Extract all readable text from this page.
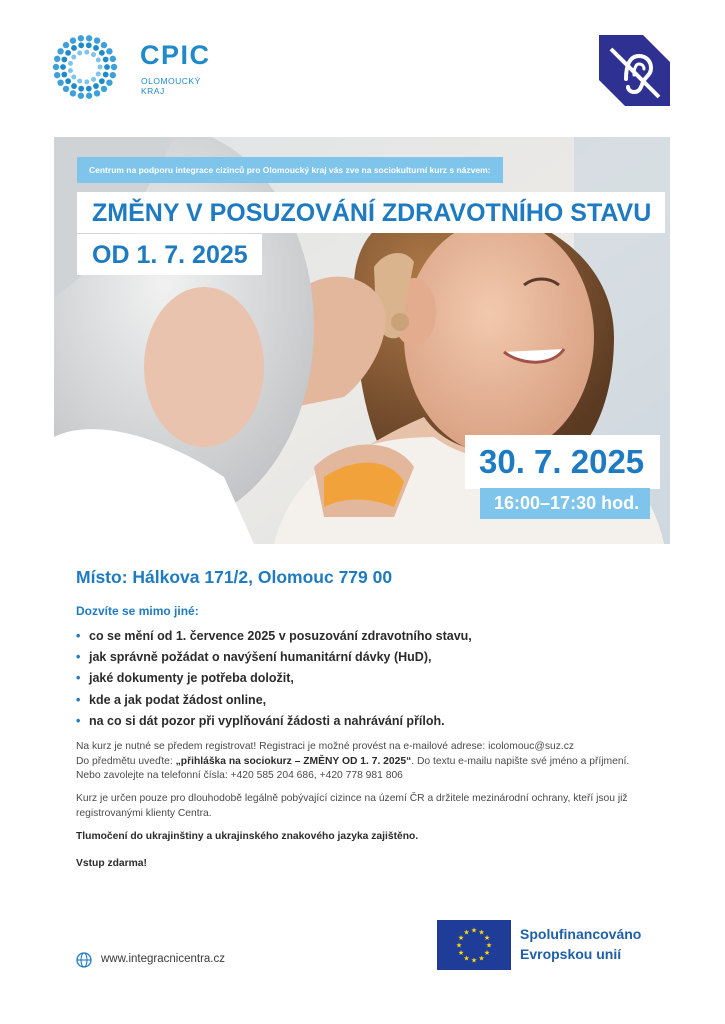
CPIC
OLOMOUCKÝ
KRAJ
Centrum na podporu integrace cizinců pro Olomoucký kraj vás zve na sociokulturní kurz s názvem:
ZMĚNY V POSUZOVÁNÍ ZDRAVOTNÍHO STAVU
OD 1. 7. 2025
30. 7. 2025
16:00–17:30 hod.
Místo: Hálkova 171/2, Olomouc 779 00
Dozvíte se mimo jiné:
• co se mění od 1. července 2025 v posuzování zdravotního stavu,
• jak správně požádat o navýšení humanitární dávky (HuD),
• jaké dokumenty je potřeba doložit,
• kde a jak podat žádost online,
• na co si dát pozor při vyplňování žádosti a nahrávání příloh.

Na kurz je nutné se předem registrovat! Registraci je možné provést na e-mailové adrese: icolomouc@suz.cz
Do předmětu uveďte: „přihláška na sociokurz – ZMĚNY OD 1. 7. 2025“. Do textu e-mailu napište své jméno a příjmení. Nebo zavolejte na telefonní čísla: +420 585 204 686, +420 778 981 806

Kurz je určen pouze pro dlouhodobě legálně pobývající cizince na území ČR a držitele mezinárodní ochrany, kteří jsou již registrovanými klienty Centra.

Tlumočení do ukrajinštiny a ukrajinského znakového jazyka zajištěno.

Vstup zdarma!

www.integracnicentra.cz
★
★
★
★
★
★
★
★
★ ★ ★
★ Spolufinancováno
Evropskou unií
